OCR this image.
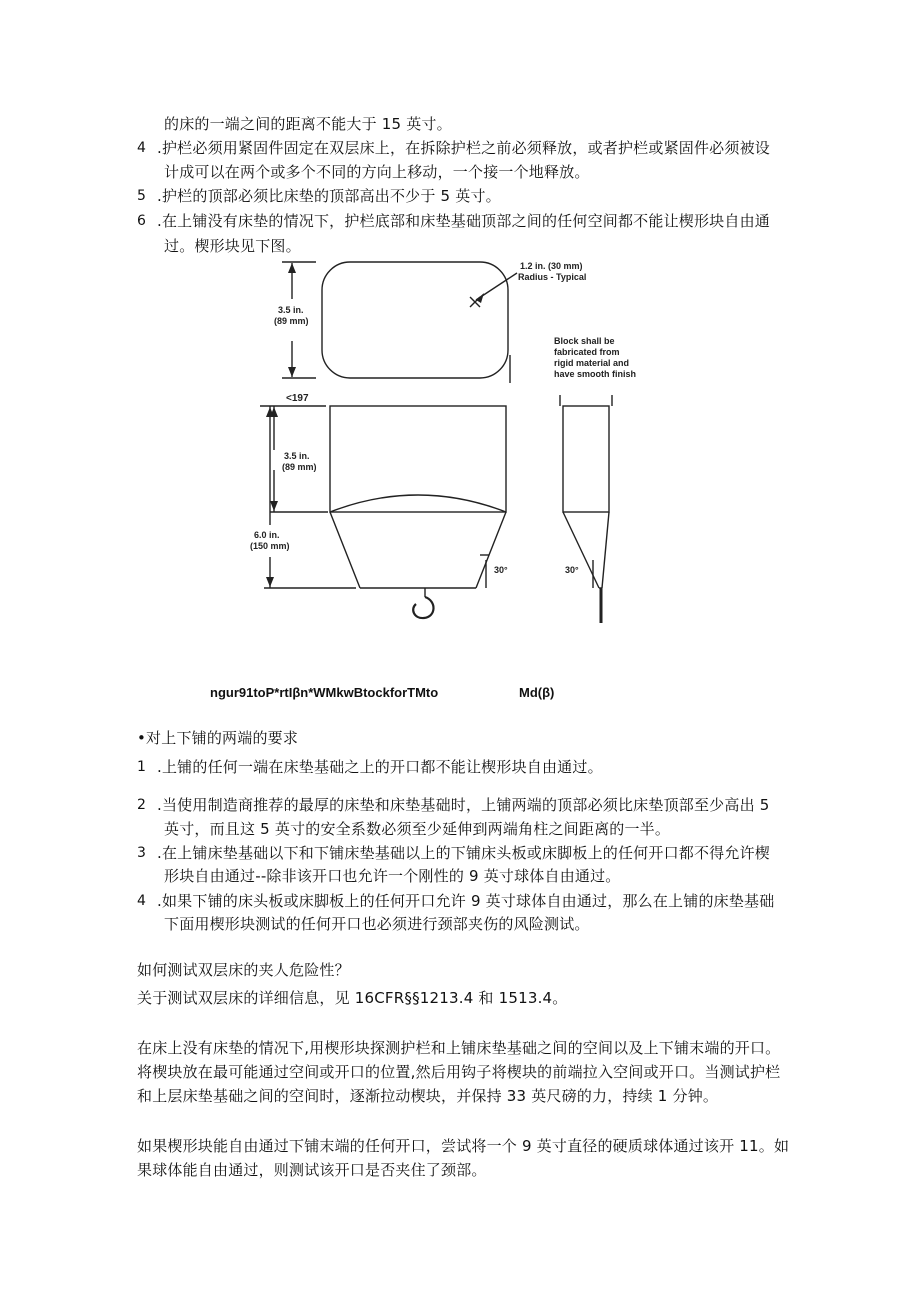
的床的一端之间的距离不能大于 15 英寸。
4 .护栏必须用紧固件固定在双层床上，在拆除护栏之前必须释放，或者护栏或紧固件必须被设
计成可以在两个或多个不同的方向上移动，一个接一个地释放。
5 .护栏的顶部必须比床垫的顶部高出不少于 5 英寸。
6 .在上铺没有床垫的情况下，护栏底部和床垫基础顶部之间的任何空间都不能让楔形块自由通
过。楔形块见下图。
1.2 in. (30 mm)
Radius - Typical
3.5 in.
(89 mm)
Block shall be
fabricated from
rigid material and
have smooth finish
<197
3.5 in.
(89 mm)
6.0 in.
(150 mm)
30°	30°
ngur91toP*rtIβn*WMkwBtockforTMto	Md(β)
•对上下铺的两端的要求
1 .上铺的任何一端在床垫基础之上的开口都不能让楔形块自由通过。
2 .当使用制造商推荐的最厚的床垫和床垫基础时，上铺两端的顶部必须比床垫顶部至少高出 5
英寸，而且这 5 英寸的安全系数必须至少延伸到两端角柱之间距离的一半。
3 .在上铺床垫基础以下和下铺床垫基础以上的下铺床头板或床脚板上的任何开口都不得允许楔
形块自由通过--除非该开口也允许一个刚性的 9 英寸球体自由通过。
4 .如果下铺的床头板或床脚板上的任何开口允许 9 英寸球体自由通过，那么在上铺的床垫基础
下面用楔形块测试的任何开口也必须进行颈部夹伤的风险测试。
如何测试双层床的夹人危险性？
关于测试双层床的详细信息，见 16CFR§§1213.4 和 1513.4。
在床上没有床垫的情况下,用楔形块探测护栏和上铺床垫基础之间的空间以及上下铺末端的开口。
将楔块放在最可能通过空间或开口的位置,然后用钩子将楔块的前端拉入空间或开口。当测试护栏
和上层床垫基础之间的空间时，逐渐拉动楔块，并保持 33 英尺磅的力，持续 1 分钟。
如果楔形块能自由通过下铺末端的任何开口，尝试将一个 9 英寸直径的硬质球体通过该开 11。如
果球体能自由通过，则测试该开口是否夹住了颈部。
